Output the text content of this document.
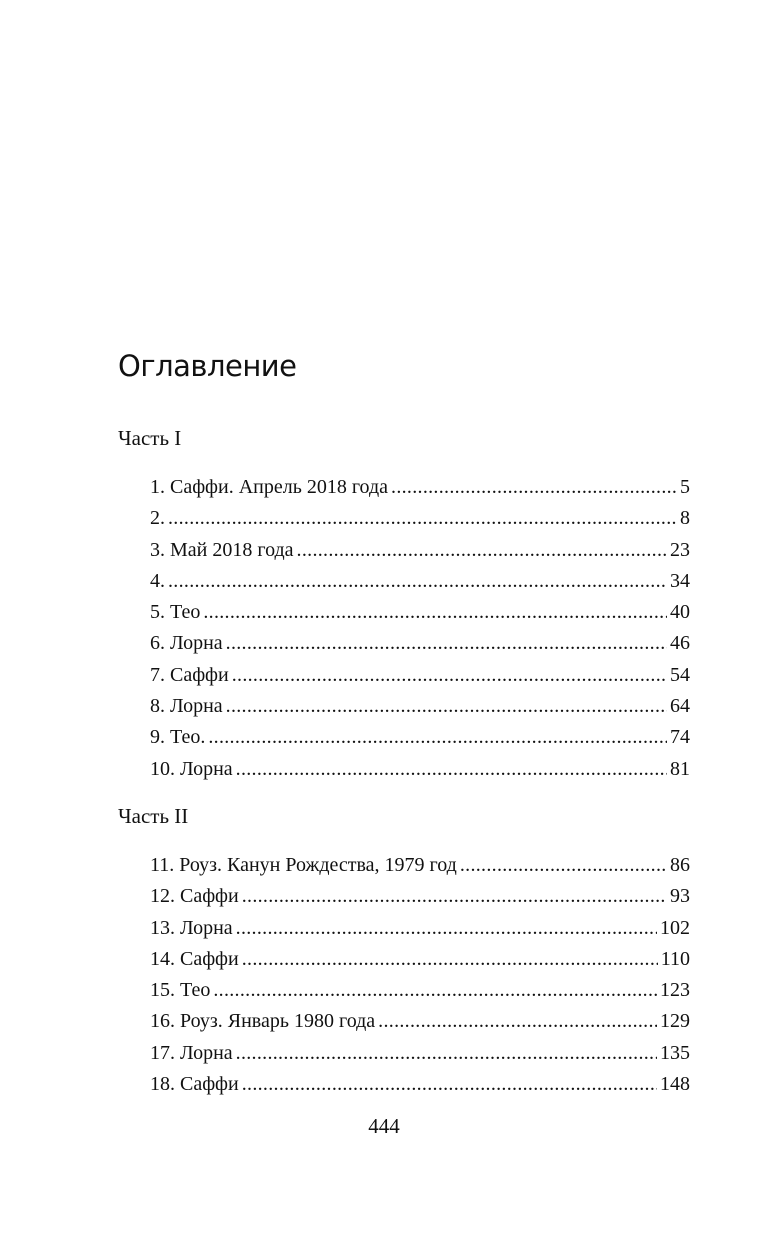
Оглавление
Часть I
1. Саффи. Апрель 2018 года . . .	5
2. . . .	8
3. Май 2018 года . . .	23
4. . . .	34
5. Тео . . .	40
6. Лорна . . .	46
7. Саффи . . .	54
8. Лорна . . .	64
9. Тео. . . .	74
10. Лорна . . .	81
Часть II
11. Роуз. Канун Рождества, 1979 год . . .	86
12. Саффи . . .	93
13. Лорна . . .	102
14. Саффи . . .	110
15. Тео . . .	123
16. Роуз. Январь 1980 года . . .	129
17. Лорна . . .	135
18. Саффи . . .	148
444
